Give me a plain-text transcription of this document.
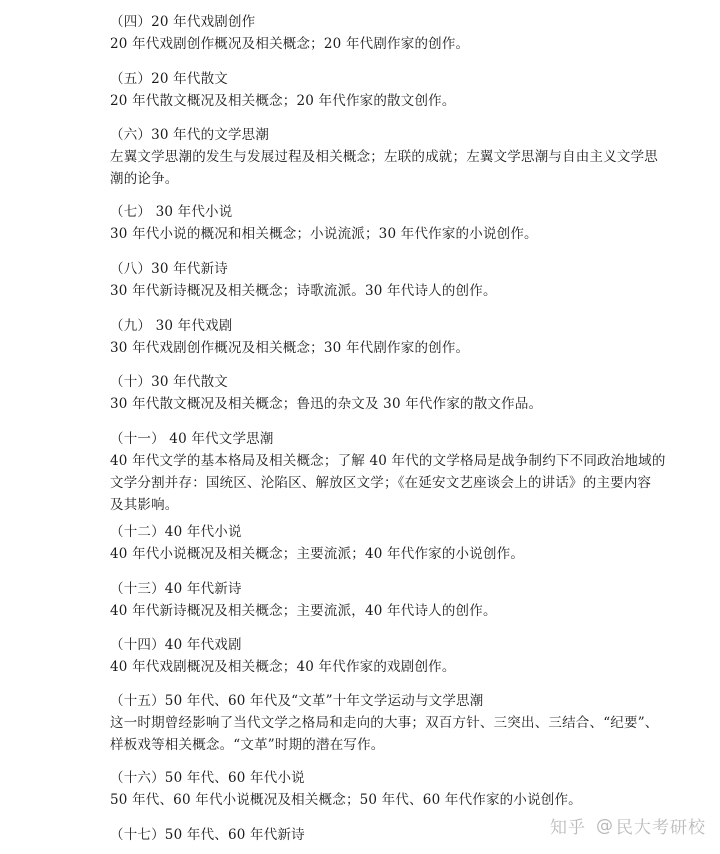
（四）20 年代戏剧创作
20 年代戏剧创作概况及相关概念；20 年代剧作家的创作。
（五）20 年代散文
20 年代散文概况及相关概念；20 年代作家的散文创作。
（六）30 年代的文学思潮
左翼文学思潮的发生与发展过程及相关概念；左联的成就；左翼文学思潮与自由主义文学思
潮的论争。
（七） 30 年代小说
30 年代小说的概况和相关概念；小说流派；30 年代作家的小说创作。
（八）30 年代新诗
30 年代新诗概况及相关概念；诗歌流派。30 年代诗人的创作。
（九） 30 年代戏剧
30 年代戏剧创作概况及相关概念；30 年代剧作家的创作。
（十）30 年代散文
30 年代散文概况及相关概念；鲁迅的杂文及 30 年代作家的散文作品。
（十一） 40 年代文学思潮
40 年代文学的基本格局及相关概念；了解 40 年代的文学格局是战争制约下不同政治地域的
文学分割并存：国统区、沦陷区、解放区文学；《在延安文艺座谈会上的讲话》的主要内容
及其影响。
（十二）40 年代小说
40 年代小说概况及相关概念；主要流派；40 年代作家的小说创作。
（十三）40 年代新诗
40 年代新诗概况及相关概念；主要流派，40 年代诗人的创作。
（十四）40 年代戏剧
40 年代戏剧概况及相关概念；40 年代作家的戏剧创作。
（十五）50 年代、60 年代及“文革”十年文学运动与文学思潮
这一时期曾经影响了当代文学之格局和走向的大事；双百方针、三突出、三结合、“纪要”、
样板戏等相关概念。“文革”时期的潜在写作。
（十六）50 年代、60 年代小说
50 年代、60 年代小说概况及相关概念；50 年代、60 年代作家的小说创作。
（十七）50 年代、60 年代新诗	知乎 @ 民大考研校
